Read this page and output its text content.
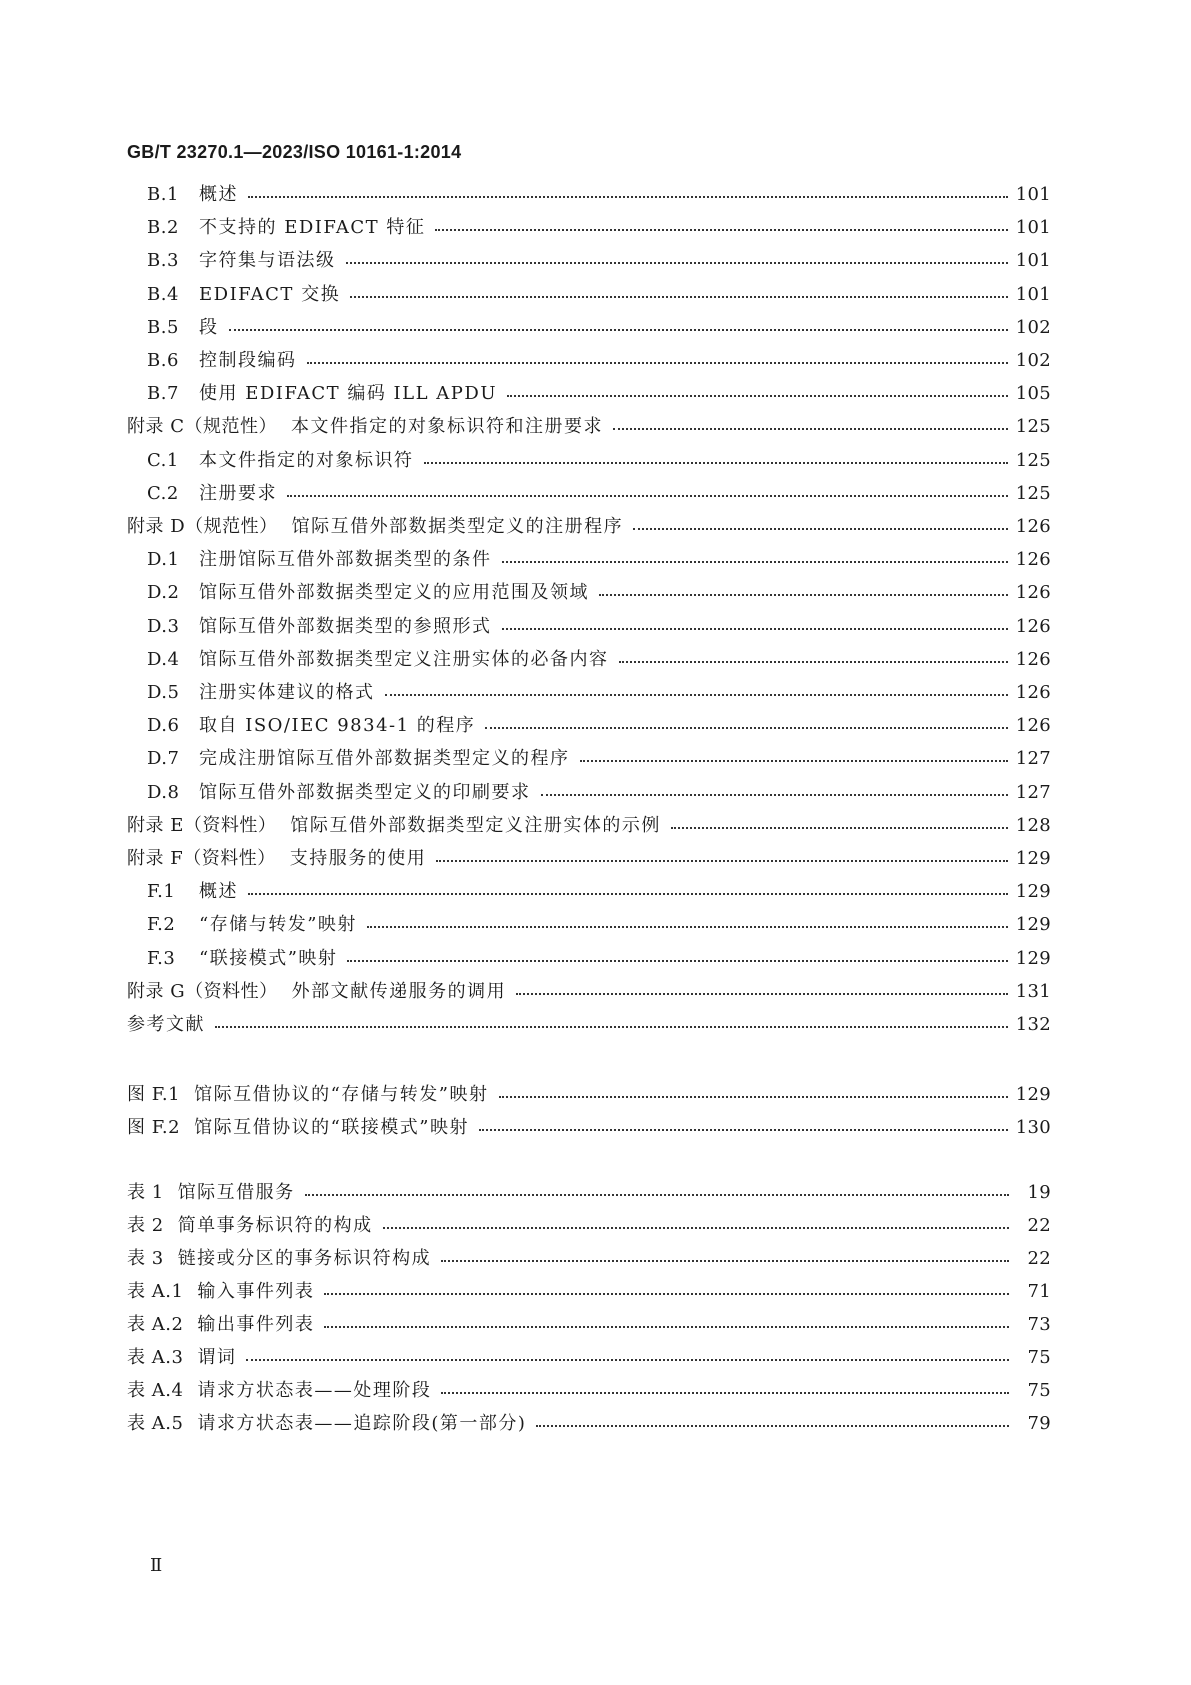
GB/T 23270.1—2023/ISO 10161-1:2014
B.1	概述	101
B.2	不支持的 EDIFACT 特征	101
B.3	字符集与语法级	101
B.4	EDIFACT 交换	101
B.5	段	102
B.6	控制段编码	102
B.7	使用 EDIFACT 编码 ILL APDU	105
附录 C（规范性） 本文件指定的对象标识符和注册要求	125
C.1	本文件指定的对象标识符	125
C.2	注册要求	125
附录 D（规范性） 馆际互借外部数据类型定义的注册程序	126
D.1	注册馆际互借外部数据类型的条件	126
D.2	馆际互借外部数据类型定义的应用范围及领域	126
D.3	馆际互借外部数据类型的参照形式	126
D.4	馆际互借外部数据类型定义注册实体的必备内容	126
D.5	注册实体建议的格式	126
D.6	取自 ISO/IEC 9834-1 的程序	126
D.7	完成注册馆际互借外部数据类型定义的程序	127
D.8	馆际互借外部数据类型定义的印刷要求	127
附录 E（资料性） 馆际互借外部数据类型定义注册实体的示例	128
附录 F（资料性） 支持服务的使用	129
F.1	概述	129
F.2	“存储与转发”映射	129
F.3	“联接模式”映射	129
附录 G（资料性） 外部文献传递服务的调用	131
参考文献	132
图 F.1 馆际互借协议的“存储与转发”映射	129
图 F.2 馆际互借协议的“联接模式”映射	130
表 1 馆际互借服务	19
表 2 简单事务标识符的构成	22
表 3 链接或分区的事务标识符构成	22
表 A.1 输入事件列表	71
表 A.2 输出事件列表	73
表 A.3 谓词	75
表 A.4 请求方状态表——处理阶段	75
表 A.5 请求方状态表——追踪阶段(第一部分)	79
Ⅱ
